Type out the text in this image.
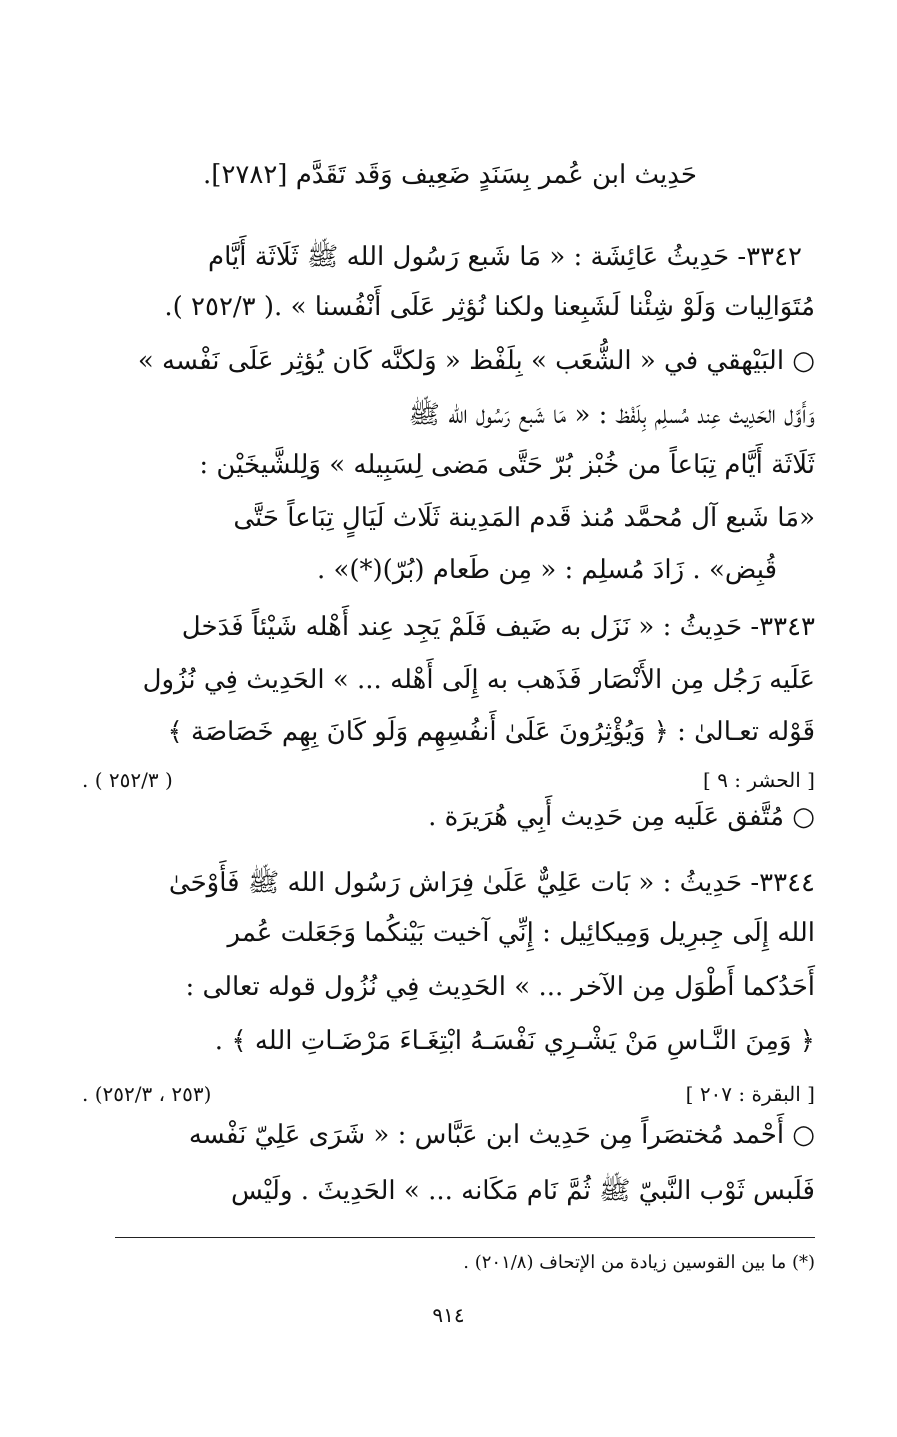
حَدِيث ابن عُمر بِسَنَدٍ ضَعِيف وَقَد تَقَدَّم [٢٧٨٢].
٣٣٤٢- حَدِيثُ عَائِشَة : « مَا شَبع رَسُول الله ﷺ ثَلَاثَة أَيَّام
مُتَوَالِيات وَلَوْ شِئْنا لَشَبِعنا ولكنا نُؤثِر عَلَى أَنْفُسنا » .( ٢٥٢/٣ ).
○ البَيْهقي في « الشُّعَب » بِلَفْظ « وَلكنَّه كَان يُؤثِر عَلَى نَفْسه »
وَأَوَّل الحَدِيث عِند مُسلِم بِلَفْظ : « مَا شَبع رَسُول الله ﷺ
ثَلَاثَة أَيَّام تِبَاعاً من خُبْز بُرّ حَتَّى مَضى لِسَبِيله » وَلِلشَّيخَيْن :
«مَا شَبع آل مُحمَّد مُنذ قَدم المَدِينة ثَلَاث لَيَالٍ تِبَاعاً حَتَّى
قُبِض» . زَادَ مُسلِم : « مِن طَعام (بُرّ)(*)» .
٣٣٤٣- حَدِيثُ : « نَزَل به ضَيف فَلَمْ يَجِد عِند أَهْله شَيْئاً فَدَخل
عَلَيه رَجُل مِن الأَنْصَار فَذَهب به إِلَى أَهْله ... » الحَدِيث فِي نُزُول
قَوْله تعـالىٰ : ﴿ وَيُؤْثِرُونَ عَلَىٰ أَنفُسِهِم وَلَو كَانَ بِهِم خَصَاصَة ﴾
. ( ٢٥٢/٣ )	[ الحشر : ٩ ]
○ مُتَّفق عَلَيه مِن حَدِيث أَبِي هُرَيرَة .
٣٣٤٤- حَدِيثُ : « بَات عَلِيٌّ عَلَىٰ فِرَاش رَسُول الله ﷺ فَأَوْحَىٰ
الله إِلَى جِبرِيل وَمِيكائِيل : إِنِّي آخيت بَيْنكُما وَجَعَلت عُمر
أَحَدُكما أَطْوَل مِن الآخر ... » الحَدِيث فِي نُزُول قوله تعالى :
﴿ وَمِنَ النَّـاسِ مَنْ يَشْـرِي نَفْسَـهُ ابْتِغَـاءَ مَرْضَـاتِ الله ﴾ .
. (٢٥٣ ، ٢٥٢/٣)	[ البقرة : ٢٠٧ ]
○ أَحْمد مُختصَراً مِن حَدِيث ابن عَبَّاس : « شَرَى عَلِيّ نَفْسه
فَلَبس ثَوْب النَّبيّ ﷺ ثُمَّ نَام مَكَانه ... » الحَدِيثَ . ولَيْس
(*) ما بين القوسين زيادة من الإتحاف (٢٠١/٨) .
٩١٤
